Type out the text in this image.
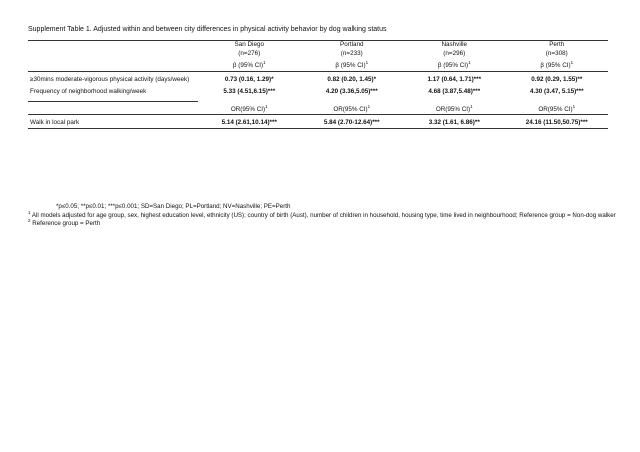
Supplement Table 1. Adjusted within and between city differences in physical activity behavior by dog walking status
	San Diego	Portland	Nashville	Perth
	(n=276)	(n=233)	(n=296)	(n=308)

	β (95% CI)$^1$	β (95% CI)$^1$	β (95% CI)$^1$	β (95% CI)$^1$

≥30mins moderate-vigorous physical activity (days/week)	0.73 (0.16, 1.29)*	0.82 (0.20, 1.45)*	1.17 (0.64, 1.71)***	0.92 (0.29, 1.55)**

Frequency of neighborhood walking/week	5.33 (4.51,6.15)***	4.20 (3.36,5.05)***	4.68 (3.87,5.48)***	4.30 (3.47, 5.15)***

	OR(95% CI)$^1$	OR(95% CI)$^1$	OR(95% CI)$^1$	OR(95% CI)$^1$

Walk in local park	5.14 (2.61,10.14)***	5.84 (2.70-12.64)***	3.32 (1.61, 6.86)**	24.16 (11.50,50.75)***
*p≤0.05; **p≤0.01; ***p≤0.001; SD=San Diego; PL=Portland; NV=Nashville; PE=Perth
$^1$ All models adjusted for age group, sex, highest education level, ethnicity (US); country of birth (Aust), number of children in household, housing type, time lived in neighbourhood; Reference group = Non-dog walker
$^2$ Reference group = Perth
